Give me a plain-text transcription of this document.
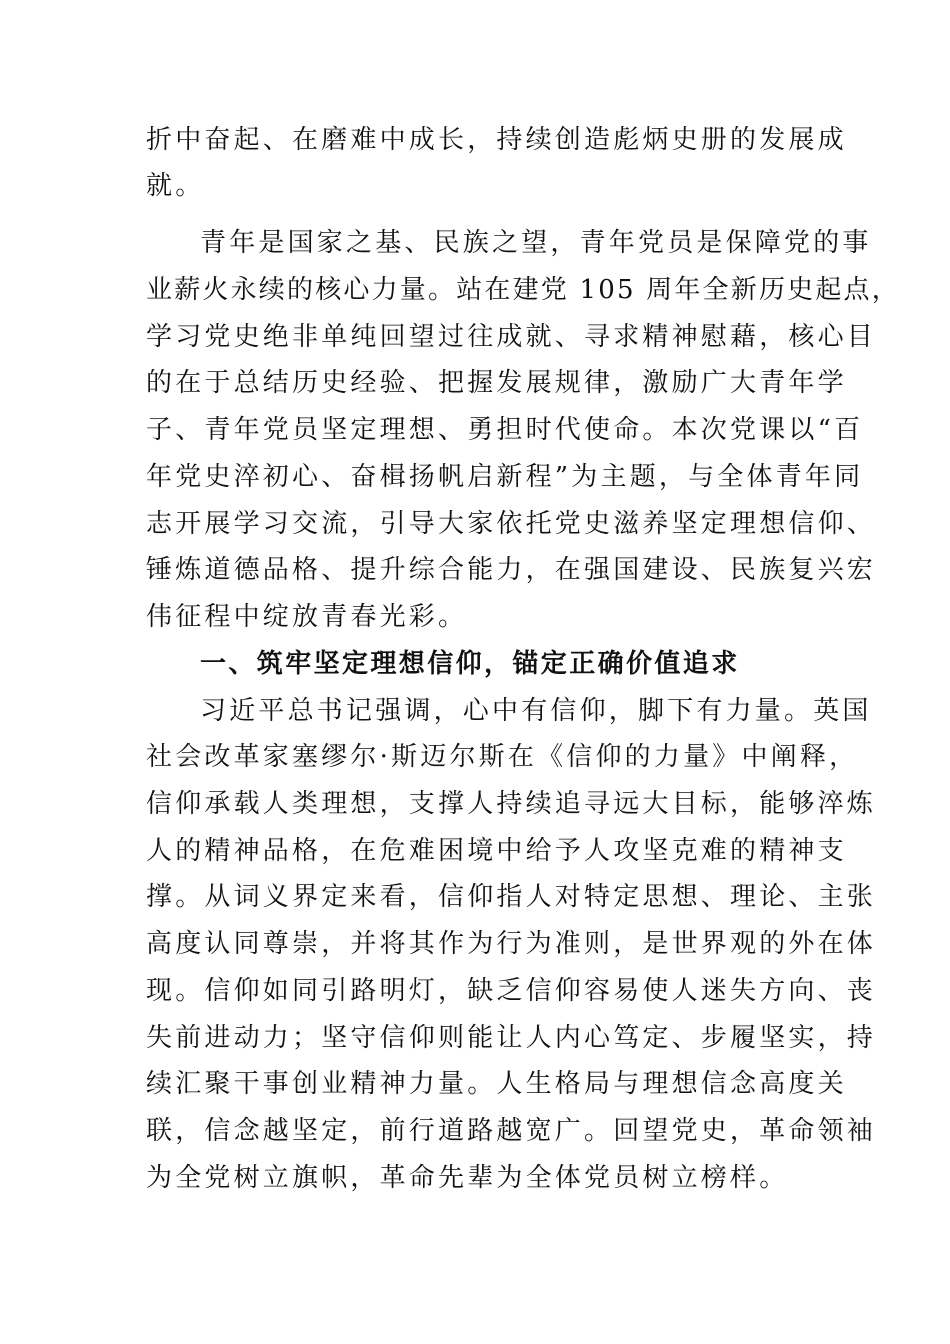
折中奋起、在磨难中成长，持续创造彪炳史册的发展成
就。
青年是国家之基、民族之望，青年党员是保障党的事
业薪火永续的核心力量。站在建党 105 周年全新历史起点，
学习党史绝非单纯回望过往成就、寻求精神慰藉，核心目
的在于总结历史经验、把握发展规律，激励广大青年学
子、青年党员坚定理想、勇担时代使命。本次党课以“百
年党史淬初心、奋楫扬帆启新程”为主题，与全体青年同
志开展学习交流，引导大家依托党史滋养坚定理想信仰、
锤炼道德品格、提升综合能力，在强国建设、民族复兴宏
伟征程中绽放青春光彩。
一、筑牢坚定理想信仰，锚定正确价值追求
习近平总书记强调，心中有信仰，脚下有力量。英国
社会改革家塞缪尔·斯迈尔斯在《信仰的力量》中阐释，
信仰承载人类理想，支撑人持续追寻远大目标，能够淬炼
人的精神品格，在危难困境中给予人攻坚克难的精神支
撑。从词义界定来看，信仰指人对特定思想、理论、主张
高度认同尊崇，并将其作为行为准则，是世界观的外在体
现。信仰如同引路明灯，缺乏信仰容易使人迷失方向、丧
失前进动力；坚守信仰则能让人内心笃定、步履坚实，持
续汇聚干事创业精神力量。人生格局与理想信念高度关
联，信念越坚定，前行道路越宽广。回望党史，革命领袖
为全党树立旗帜，革命先辈为全体党员树立榜样。
